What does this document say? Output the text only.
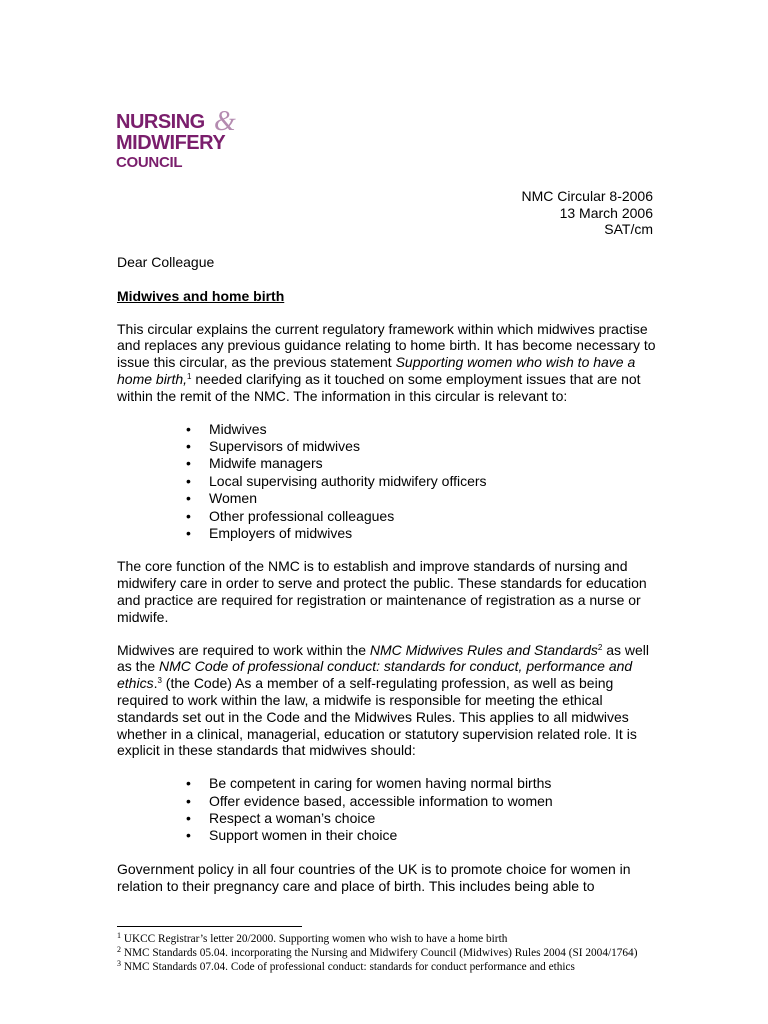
NURSING &
MIDWIFERY
COUNCIL
NMC Circular 8-2006
13 March 2006
SAT/cm

Dear Colleague

Midwives and home birth

This circular explains the current regulatory framework within which midwives practise and replaces any previous guidance relating to home birth. It has become necessary to issue this circular, as the previous statement Supporting women who wish to have a home birth,$^1$ needed clarifying as it touched on some employment issues that are not within the remit of the NMC. The information in this circular is relevant to:

• Midwives
• Supervisors of midwives
• Midwife managers
• Local supervising authority midwifery officers
• Women
• Other professional colleagues
• Employers of midwives

The core function of the NMC is to establish and improve standards of nursing and midwifery care in order to serve and protect the public. These standards for education and practice are required for registration or maintenance of registration as a nurse or midwife.

Midwives are required to work within the NMC Midwives Rules and Standards$^2$ as well as the NMC Code of professional conduct: standards for conduct, performance and ethics.$^3$ (the Code) As a member of a self-regulating profession, as well as being required to work within the law, a midwife is responsible for meeting the ethical standards set out in the Code and the Midwives Rules. This applies to all midwives whether in a clinical, managerial, education or statutory supervision related role. It is explicit in these standards that midwives should:

• Be competent in caring for women having normal births
• Offer evidence based, accessible information to women
• Respect a woman’s choice
• Support women in their choice

Government policy in all four countries of the UK is to promote choice for women in relation to their pregnancy care and place of birth. This includes being able to

$^1$ UKCC Registrar’s letter 20/2000. Supporting women who wish to have a home birth

$^2$ NMC Standards 05.04. incorporating the Nursing and Midwifery Council (Midwives) Rules 2004 (SI 2004/1764)

$^3$ NMC Standards 07.04. Code of professional conduct: standards for conduct performance and ethics
